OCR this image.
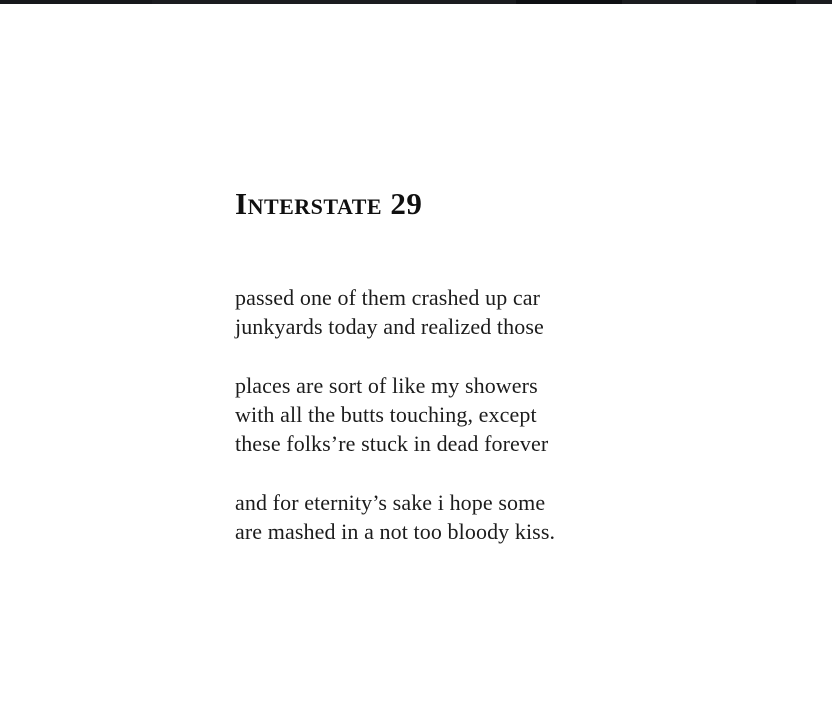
Interstate 29

passed one of them crashed up car
junkyards today and realized those

places are sort of like my showers
with all the butts touching, except
these folks’re stuck in dead forever

and for eternity’s sake i hope some
are mashed in a not too bloody kiss.
